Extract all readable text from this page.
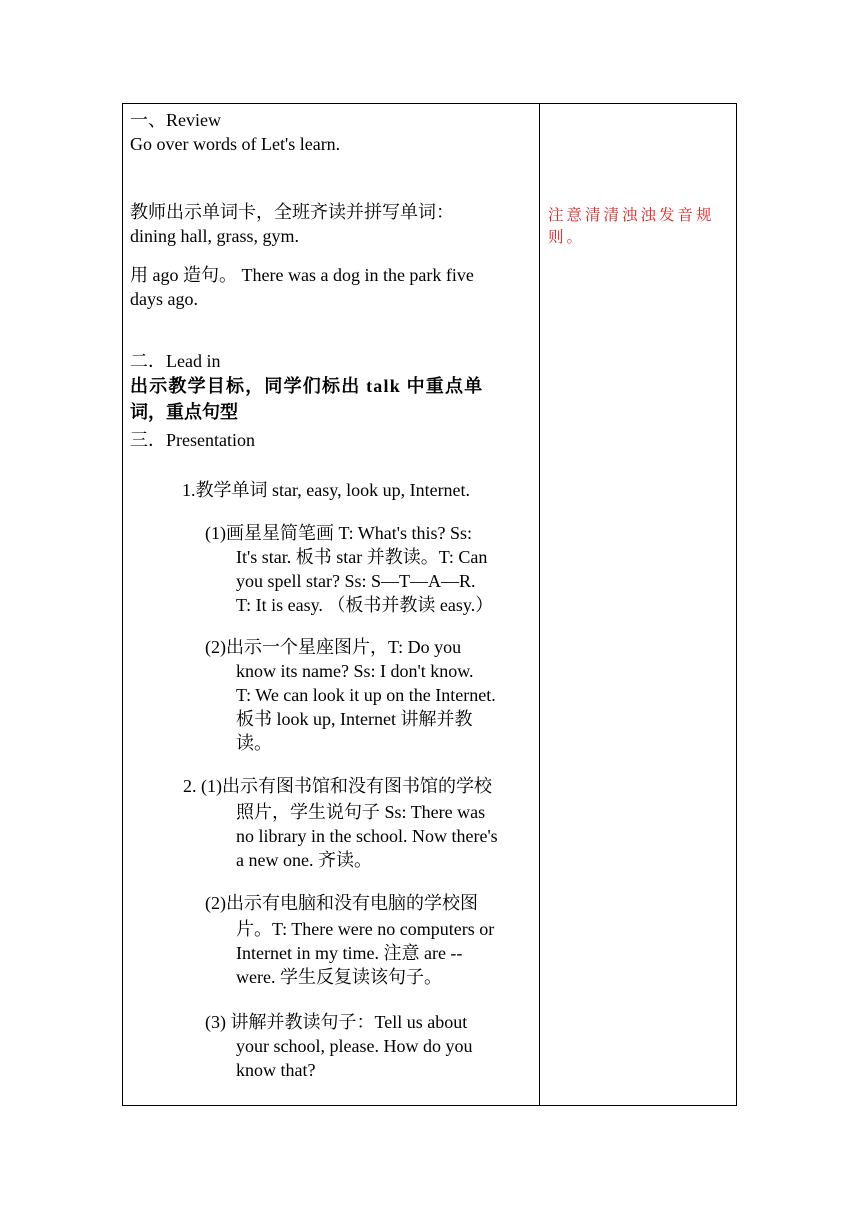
一、Review
Go over words of Let's learn.
教师出示单词卡，全班齐读并拼写单词：
dining hall, grass, gym.
用 ago 造句。 There was a dog in the park five
days ago.
二．Lead in
出示教学目标，同学们标出 talk 中重点单
词，重点句型
三．Presentation
1.教学单词 star, easy, look up, Internet.
(1)画星星简笔画 T: What's this? Ss:
It's star. 板书 star 并教读。T: Can
you spell star? Ss: S—T—A—R.
T: It is easy. （板书并教读 easy.）
(2)出示一个星座图片，T: Do you
know its name? Ss: I don't know.
T: We can look it up on the Internet.
板书 look up, Internet 讲解并教
读。
2. (1)出示有图书馆和没有图书馆的学校
照片，学生说句子 Ss: There was
no library in the school. Now there's
a new one. 齐读。
(2)出示有电脑和没有电脑的学校图
片。T: There were no computers or
Internet in my time. 注意 are --
were. 学生反复读该句子。
(3) 讲解并教读句子：Tell us about
your school, please. How do you
know that?
注意清清浊浊发音规则。
